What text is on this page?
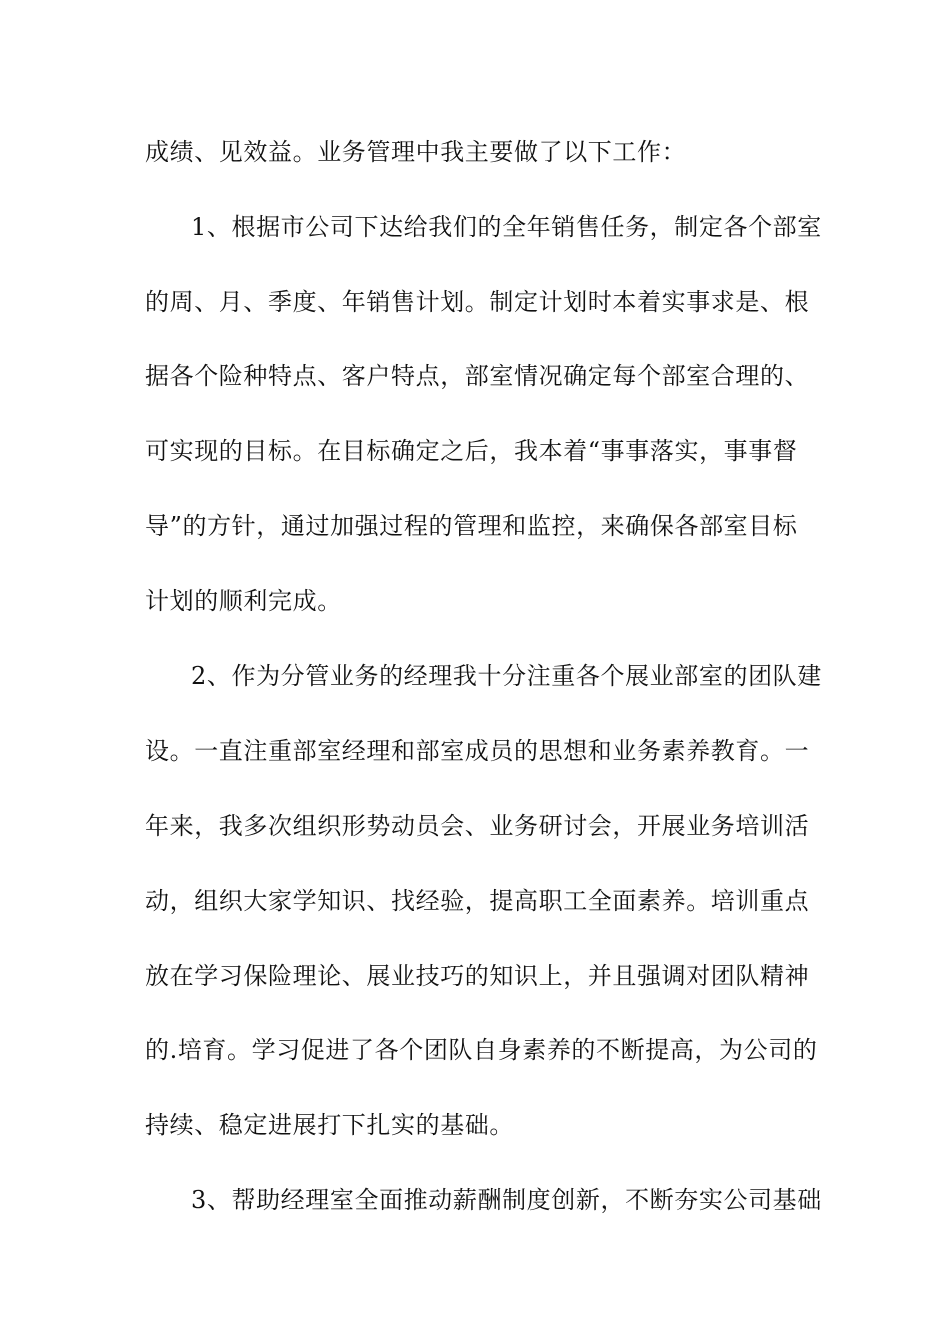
成绩、见效益。业务管理中我主要做了以下工作：
1、根据市公司下达给我们的全年销售任务，制定各个部室
的周、月、季度、年销售计划。制定计划时本着实事求是、根
据各个险种特点、客户特点，部室情况确定每个部室合理的、
可实现的目标。在目标确定之后，我本着“事事落实，事事督
导”的方针，通过加强过程的管理和监控，来确保各部室目标
计划的顺利完成。
2、作为分管业务的经理我十分注重各个展业部室的团队建
设。一直注重部室经理和部室成员的思想和业务素养教育。一
年来，我多次组织形势动员会、业务研讨会，开展业务培训活
动，组织大家学知识、找经验，提高职工全面素养。培训重点
放在学习保险理论、展业技巧的知识上，并且强调对团队精神
的.培育。学习促进了各个团队自身素养的不断提高，为公司的
持续、稳定进展打下扎实的基础。
3、帮助经理室全面推动薪酬制度创新，不断夯实公司基础
